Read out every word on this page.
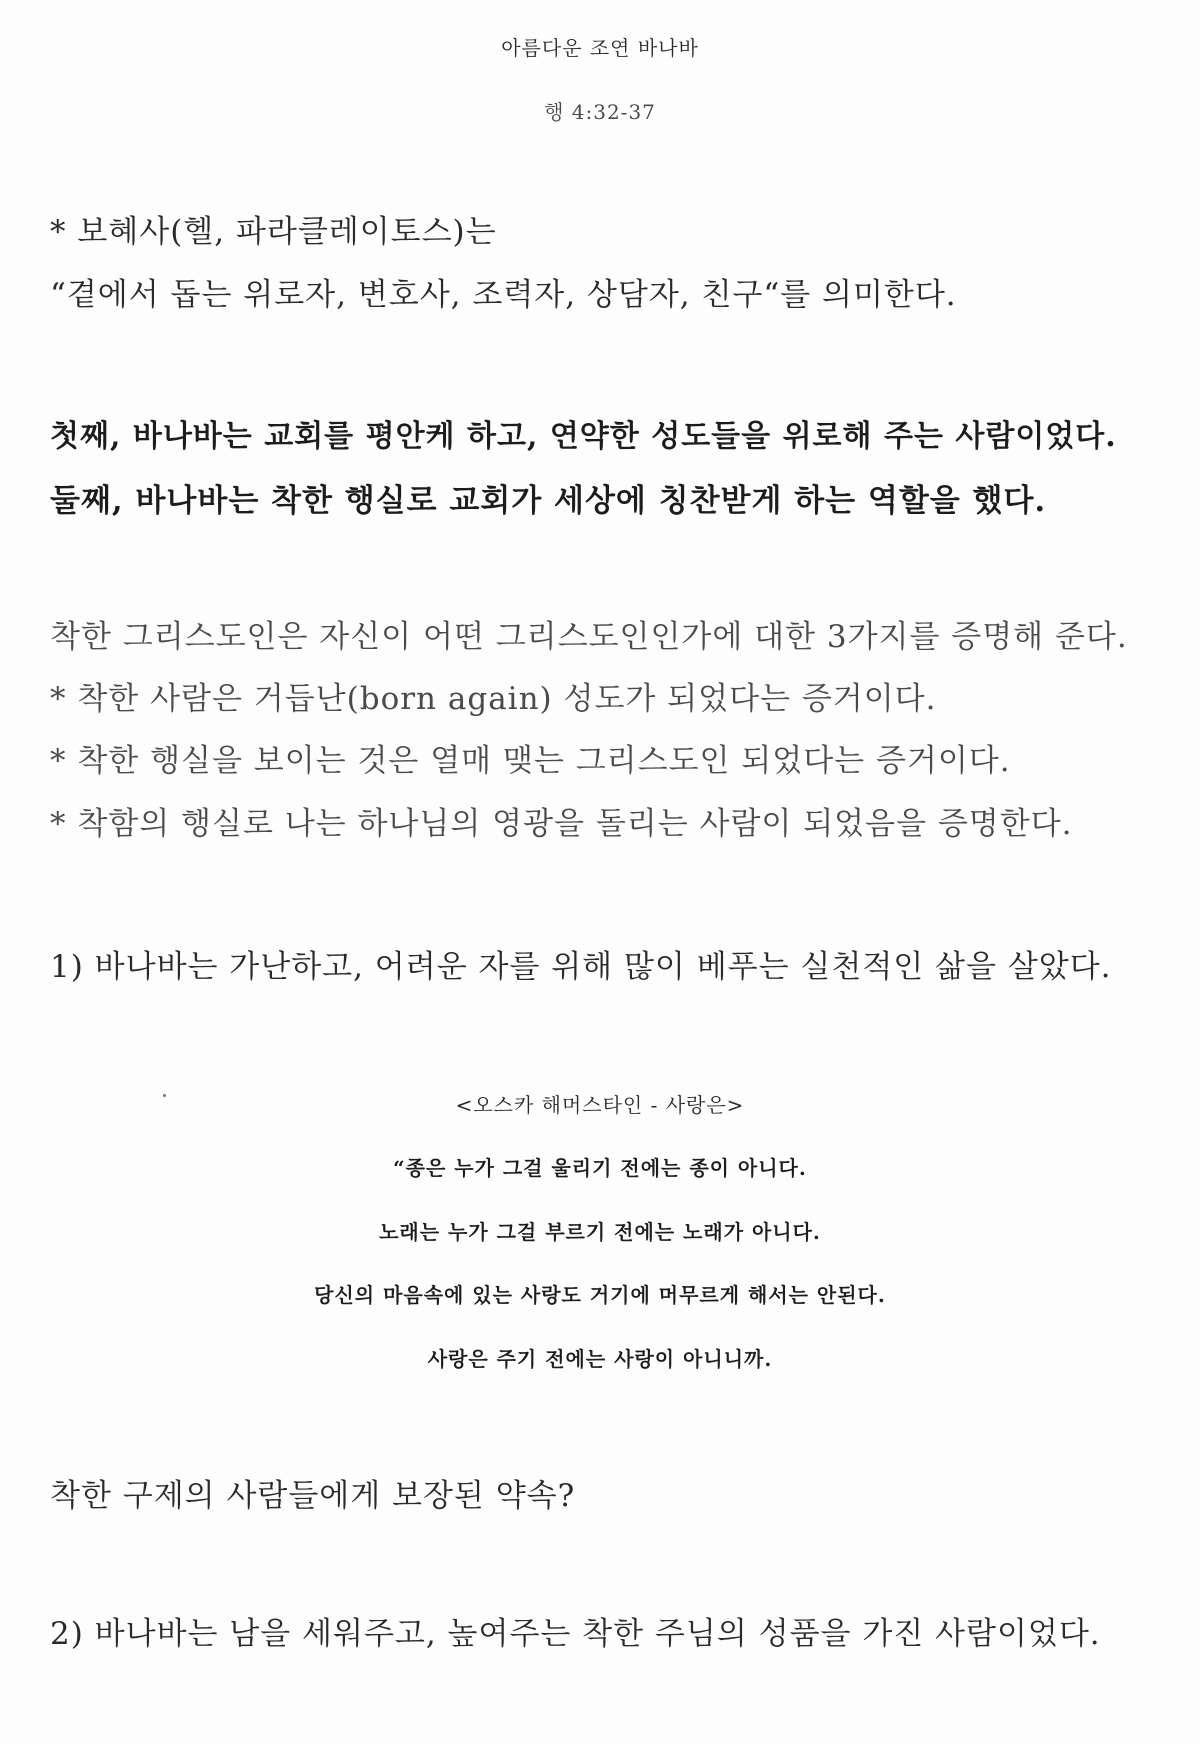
아름다운 조연 바나바
행 4:32-37
* 보혜사(헬, 파라클레이토스)는
“곁에서 돕는 위로자, 변호사, 조력자, 상담자, 친구“를 의미한다.
첫째, 바나바는 교회를 평안케 하고, 연약한 성도들을 위로해 주는 사람이었다.
둘째, 바나바는 착한 행실로 교회가 세상에 칭찬받게 하는 역할을 했다.
착한 그리스도인은 자신이 어떤 그리스도인인가에 대한 3가지를 증명해 준다.
* 착한 사람은 거듭난(born again) 성도가 되었다는 증거이다.
* 착한 행실을 보이는 것은 열매 맺는 그리스도인 되었다는 증거이다.
* 착함의 행실로 나는 하나님의 영광을 돌리는 사람이 되었음을 증명한다.
1) 바나바는 가난하고, 어려운 자를 위해 많이 베푸는 실천적인 삶을 살았다.
<오스카 해머스타인 - 사랑은>
“종은 누가 그걸 울리기 전에는 종이 아니다.
노래는 누가 그걸 부르기 전에는 노래가 아니다.
당신의 마음속에 있는 사랑도 거기에 머무르게 해서는 안된다.
사랑은 주기 전에는 사랑이 아니니까.
착한 구제의 사람들에게 보장된 약속?
2) 바나바는 남을 세워주고, 높여주는 착한 주님의 성품을 가진 사람이었다.
